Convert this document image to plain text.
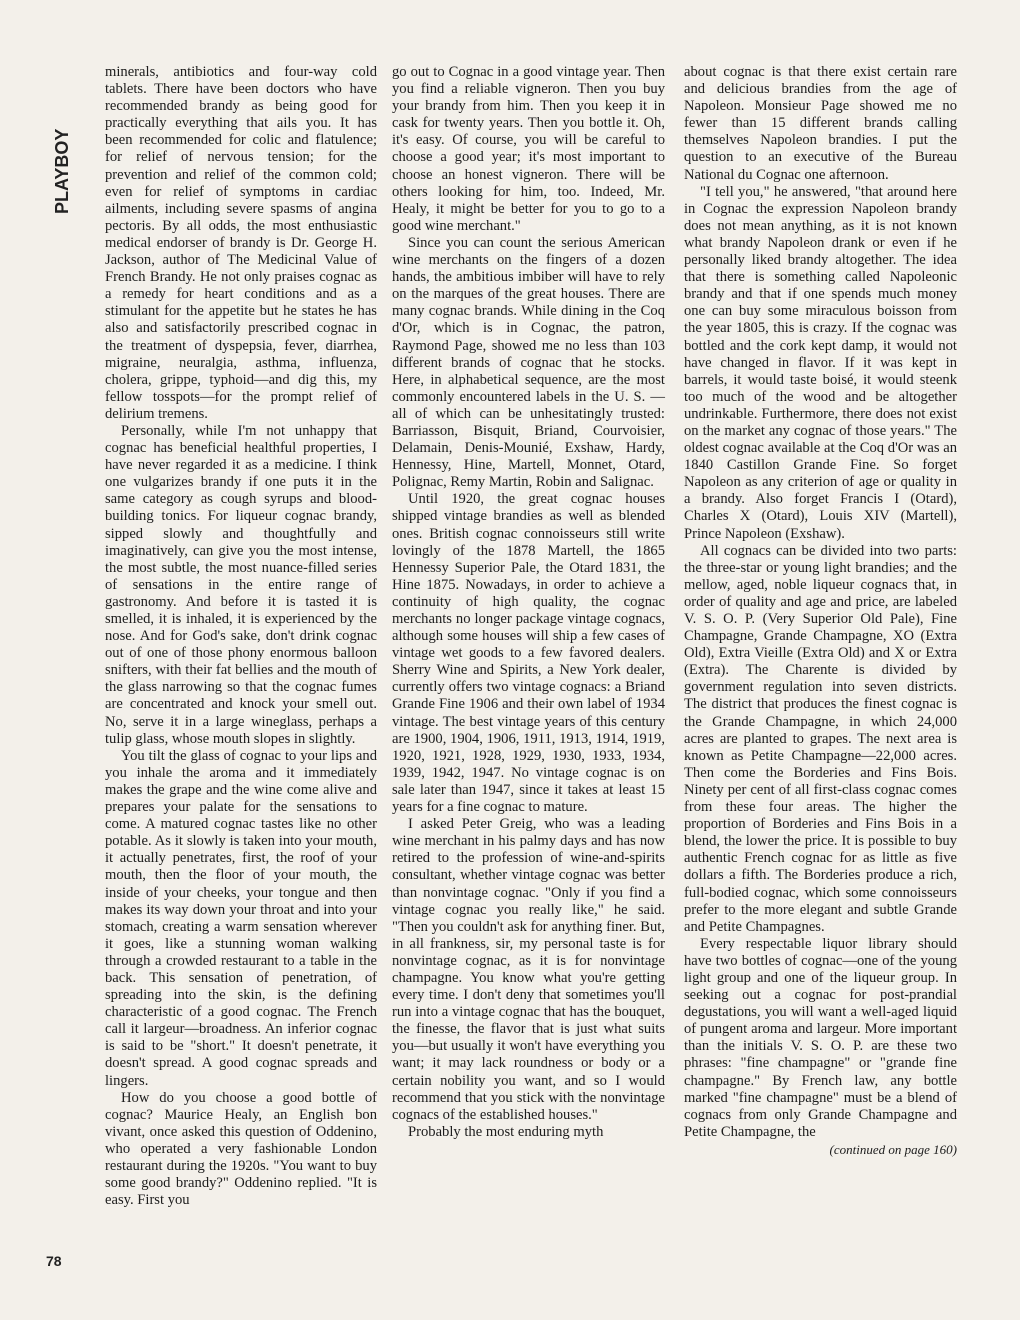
PLAYBOY
78

minerals, antibiotics and four-way cold tablets. There have been doctors who have recommended brandy as being good for practically everything that ails you. It has been recommended for colic and flatulence; for relief of nervous tension; for the prevention and relief of the common cold; even for relief of symptoms in cardiac ailments, including severe spasms of angina pectoris. By all odds, the most enthusiastic medical endorser of brandy is Dr. George H. Jackson, author of The Medicinal Value of French Brandy. He not only praises cognac as a remedy for heart conditions and as a stimulant for the appetite but he states he has also and satisfactorily prescribed cognac in the treatment of dyspepsia, fever, diarrhea, migraine, neuralgia, asthma, influenza, cholera, grippe, typhoid—and dig this, my fellow tosspots—for the prompt relief of delirium tremens.

Personally, while I'm not unhappy that cognac has beneficial healthful properties, I have never regarded it as a medicine. I think one vulgarizes brandy if one puts it in the same category as cough syrups and blood-building tonics. For liqueur cognac brandy, sipped slowly and thoughtfully and imaginatively, can give you the most intense, the most subtle, the most nuance-filled series of sensations in the entire range of gastronomy. And before it is tasted it is smelled, it is inhaled, it is experienced by the nose. And for God's sake, don't drink cognac out of one of those phony enormous balloon snifters, with their fat bellies and the mouth of the glass narrowing so that the cognac fumes are concentrated and knock your smell out. No, serve it in a large wineglass, perhaps a tulip glass, whose mouth slopes in slightly.

You tilt the glass of cognac to your lips and you inhale the aroma and it immediately makes the grape and the wine come alive and prepares your palate for the sensations to come. A matured cognac tastes like no other potable. As it slowly is taken into your mouth, it actually penetrates, first, the roof of your mouth, then the floor of your mouth, the inside of your cheeks, your tongue and then makes its way down your throat and into your stomach, creating a warm sensation wherever it goes, like a stunning woman walking through a crowded restaurant to a table in the back. This sensation of penetration, of spreading into the skin, is the defining characteristic of a good cognac. The French call it largeur—broadness. An inferior cognac is said to be "short." It doesn't penetrate, it doesn't spread. A good cognac spreads and lingers.

How do you choose a good bottle of cognac? Maurice Healy, an English bon vivant, once asked this question of Oddenino, who operated a very fashionable London restaurant during the 1920s. "You want to buy some good brandy?" Oddenino replied. "It is easy. First you

go out to Cognac in a good vintage year. Then you find a reliable vigneron. Then you buy your brandy from him. Then you keep it in cask for twenty years. Then you bottle it. Oh, it's easy. Of course, you will be careful to choose a good year; it's most important to choose an honest vigneron. There will be others looking for him, too. Indeed, Mr. Healy, it might be better for you to go to a good wine merchant."

Since you can count the serious American wine merchants on the fingers of a dozen hands, the ambitious imbiber will have to rely on the marques of the great houses. There are many cognac brands. While dining in the Coq d'Or, which is in Cognac, the patron, Raymond Page, showed me no less than 103 different brands of cognac that he stocks. Here, in alphabetical sequence, are the most commonly encountered labels in the U. S. —all of which can be unhesitatingly trusted: Barriasson, Bisquit, Briand, Courvoisier, Delamain, Denis-Mounié, Exshaw, Hardy, Hennessy, Hine, Martell, Monnet, Otard, Polignac, Remy Martin, Robin and Salignac.

Until 1920, the great cognac houses shipped vintage brandies as well as blended ones. British cognac connoisseurs still write lovingly of the 1878 Martell, the 1865 Hennessy Superior Pale, the Otard 1831, the Hine 1875. Nowadays, in order to achieve a continuity of high quality, the cognac merchants no longer package vintage cognacs, although some houses will ship a few cases of vintage wet goods to a few favored dealers. Sherry Wine and Spirits, a New York dealer, currently offers two vintage cognacs: a Briand Grande Fine 1906 and their own label of 1934 vintage. The best vintage years of this century are 1900, 1904, 1906, 1911, 1913, 1914, 1919, 1920, 1921, 1928, 1929, 1930, 1933, 1934, 1939, 1942, 1947. No vintage cognac is on sale later than 1947, since it takes at least 15 years for a fine cognac to mature.

I asked Peter Greig, who was a leading wine merchant in his palmy days and has now retired to the profession of wine-and-spirits consultant, whether vintage cognac was better than nonvintage cognac. "Only if you find a vintage cognac you really like," he said. "Then you couldn't ask for anything finer. But, in all frankness, sir, my personal taste is for nonvintage cognac, as it is for nonvintage champagne. You know what you're getting every time. I don't deny that sometimes you'll run into a vintage cognac that has the bouquet, the finesse, the flavor that is just what suits you—but usually it won't have everything you want; it may lack roundness or body or a certain nobility you want, and so I would recommend that you stick with the nonvintage cognacs of the established houses."

Probably the most enduring myth

about cognac is that there exist certain rare and delicious brandies from the age of Napoleon. Monsieur Page showed me no fewer than 15 different brands calling themselves Napoleon brandies. I put the question to an executive of the Bureau National du Cognac one afternoon.

"I tell you," he answered, "that around here in Cognac the expression Napoleon brandy does not mean anything, as it is not known what brandy Napoleon drank or even if he personally liked brandy altogether. The idea that there is something called Napoleonic brandy and that if one spends much money one can buy some miraculous boisson from the year 1805, this is crazy. If the cognac was bottled and the cork kept damp, it would not have changed in flavor. If it was kept in barrels, it would taste boisé, it would steenk too much of the wood and be altogether undrinkable. Furthermore, there does not exist on the market any cognac of those years." The oldest cognac available at the Coq d'Or was an 1840 Castillon Grande Fine. So forget Napoleon as any criterion of age or quality in a brandy. Also forget Francis I (Otard), Charles X (Otard), Louis XIV (Martell), Prince Napoleon (Exshaw).

All cognacs can be divided into two parts: the three-star or young light brandies; and the mellow, aged, noble liqueur cognacs that, in order of quality and age and price, are labeled V. S. O. P. (Very Superior Old Pale), Fine Champagne, Grande Champagne, XO (Extra Old), Extra Vieille (Extra Old) and X or Extra (Extra). The Charente is divided by government regulation into seven districts. The district that produces the finest cognac is the Grande Champagne, in which 24,000 acres are planted to grapes. The next area is known as Petite Champagne—22,000 acres. Then come the Borderies and Fins Bois. Ninety per cent of all first-class cognac comes from these four areas. The higher the proportion of Borderies and Fins Bois in a blend, the lower the price. It is possible to buy authentic French cognac for as little as five dollars a fifth. The Borderies produce a rich, full-bodied cognac, which some connoisseurs prefer to the more elegant and subtle Grande and Petite Champagnes.

Every respectable liquor library should have two bottles of cognac—one of the young light group and one of the liqueur group. In seeking out a cognac for post-prandial degustations, you will want a well-aged liquid of pungent aroma and largeur. More important than the initials V. S. O. P. are these two phrases: "fine champagne" or "grande fine champagne." By French law, any bottle marked "fine champagne" must be a blend of cognacs from only Grande Champagne and Petite Champagne, the

(continued on page 160)
